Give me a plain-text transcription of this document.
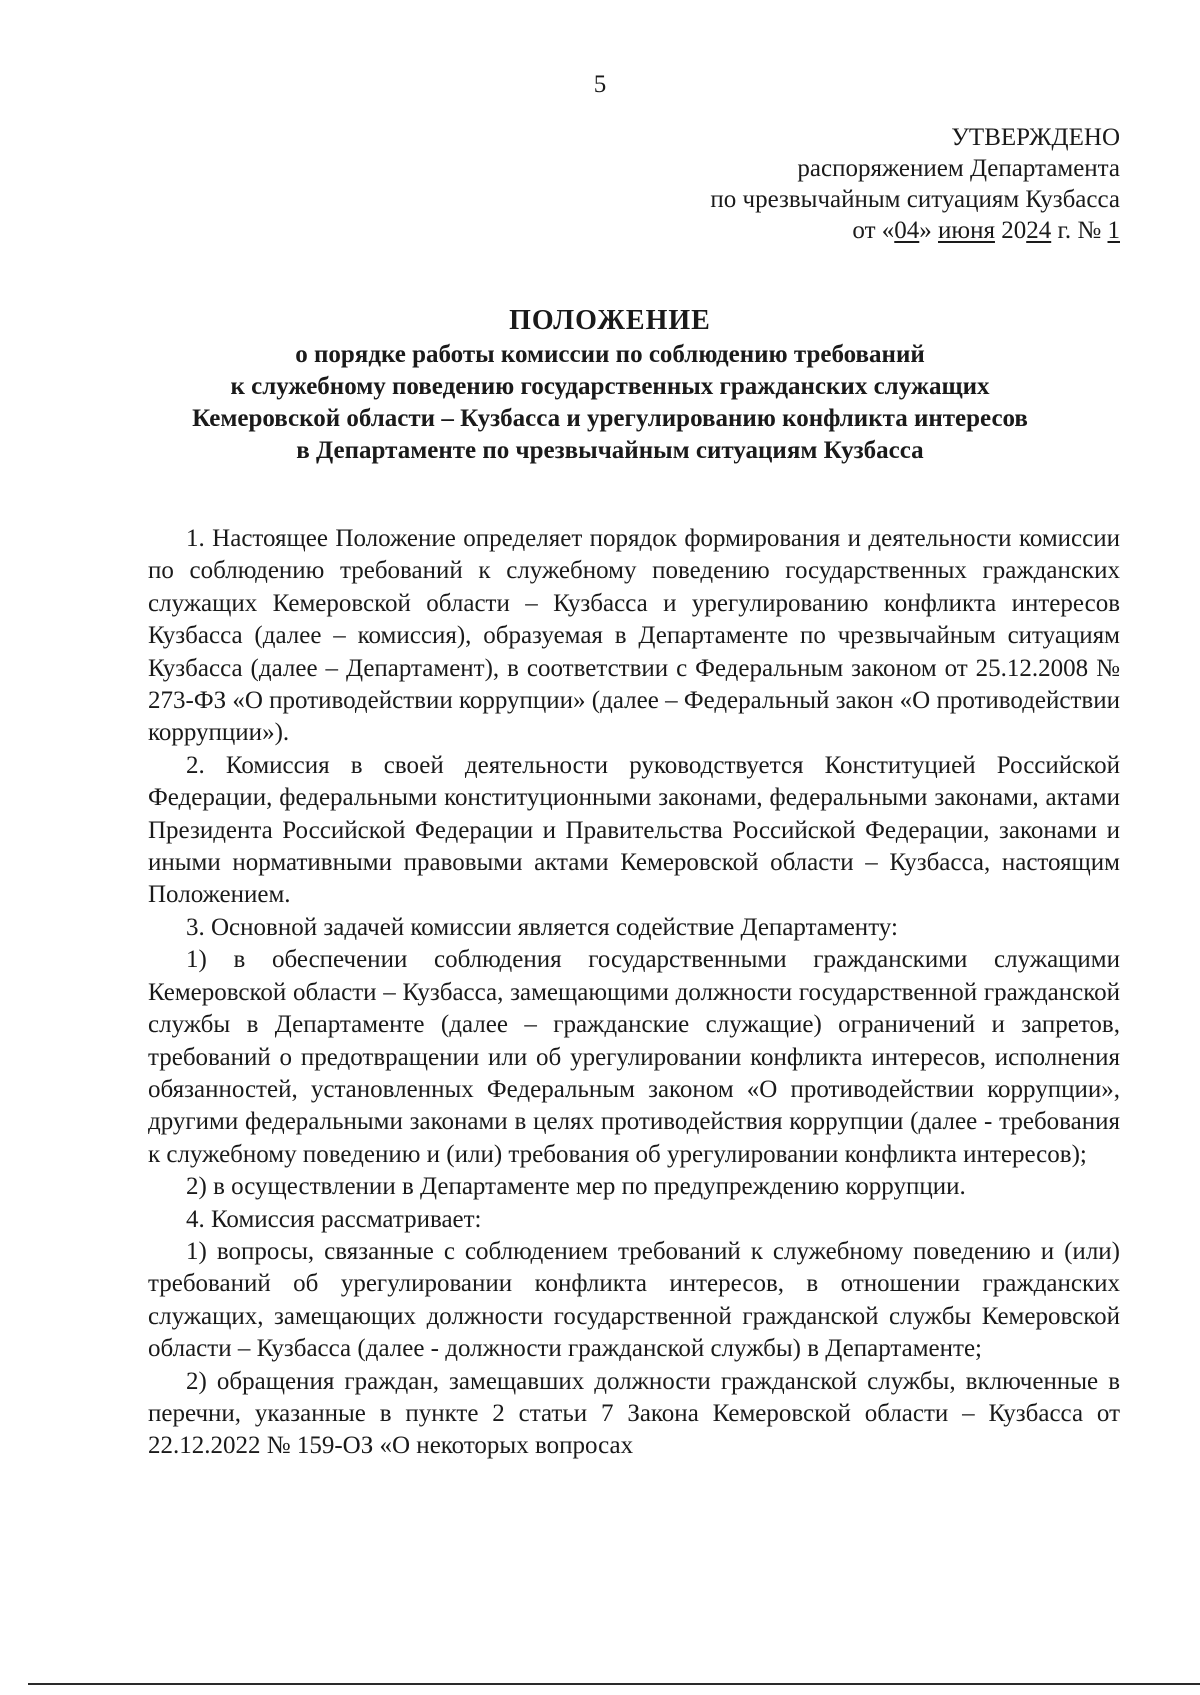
5
УТВЕРЖДЕНО
распоряжением Департамента
по чрезвычайным ситуациям Кузбасса
от «04» июня 2024 г. № 1
ПОЛОЖЕНИЕ
о порядке работы комиссии по соблюдению требований
к служебному поведению государственных гражданских служащих
Кемеровской области – Кузбасса и урегулированию конфликта интересов
в Департаменте по чрезвычайным ситуациям Кузбасса

1. Настоящее Положение определяет порядок формирования и деятельности комиссии по соблюдению требований к служебному поведению государственных гражданских служащих Кемеровской области – Кузбасса и урегулированию конфликта интересов Кузбасса (далее – комиссия), образуемая в Департаменте по чрезвычайным ситуациям Кузбасса (далее – Департамент), в соответствии с Федеральным законом от 25.12.2008 № 273-ФЗ «О противодействии коррупции» (далее – Федеральный закон «О противодействии коррупции»).

2. Комиссия в своей деятельности руководствуется Конституцией Российской Федерации, федеральными конституционными законами, федеральными законами, актами Президента Российской Федерации и Правительства Российской Федерации, законами и иными нормативными правовыми актами Кемеровской области – Кузбасса, настоящим Положением.

3. Основной задачей комиссии является содействие Департаменту:

1) в обеспечении соблюдения государственными гражданскими служащими Кемеровской области – Кузбасса, замещающими должности государственной гражданской службы в Департаменте (далее – гражданские служащие) ограничений и запретов, требований о предотвращении или об урегулировании конфликта интересов, исполнения обязанностей, установленных Федеральным законом «О противодействии коррупции», другими федеральными законами в целях противодействия коррупции (далее - требования к служебному поведению и (или) требования об урегулировании конфликта интересов);

2) в осуществлении в Департаменте мер по предупреждению коррупции.

4. Комиссия рассматривает:

1) вопросы, связанные с соблюдением требований к служебному поведению и (или) требований об урегулировании конфликта интересов, в отношении гражданских служащих, замещающих должности государственной гражданской службы Кемеровской области – Кузбасса (далее - должности гражданской службы) в Департаменте;

2) обращения граждан, замещавших должности гражданской службы, включенные в перечни, указанные в пункте 2 статьи 7 Закона Кемеровской области – Кузбасса от 22.12.2022 № 159-ОЗ «О некоторых вопросах
